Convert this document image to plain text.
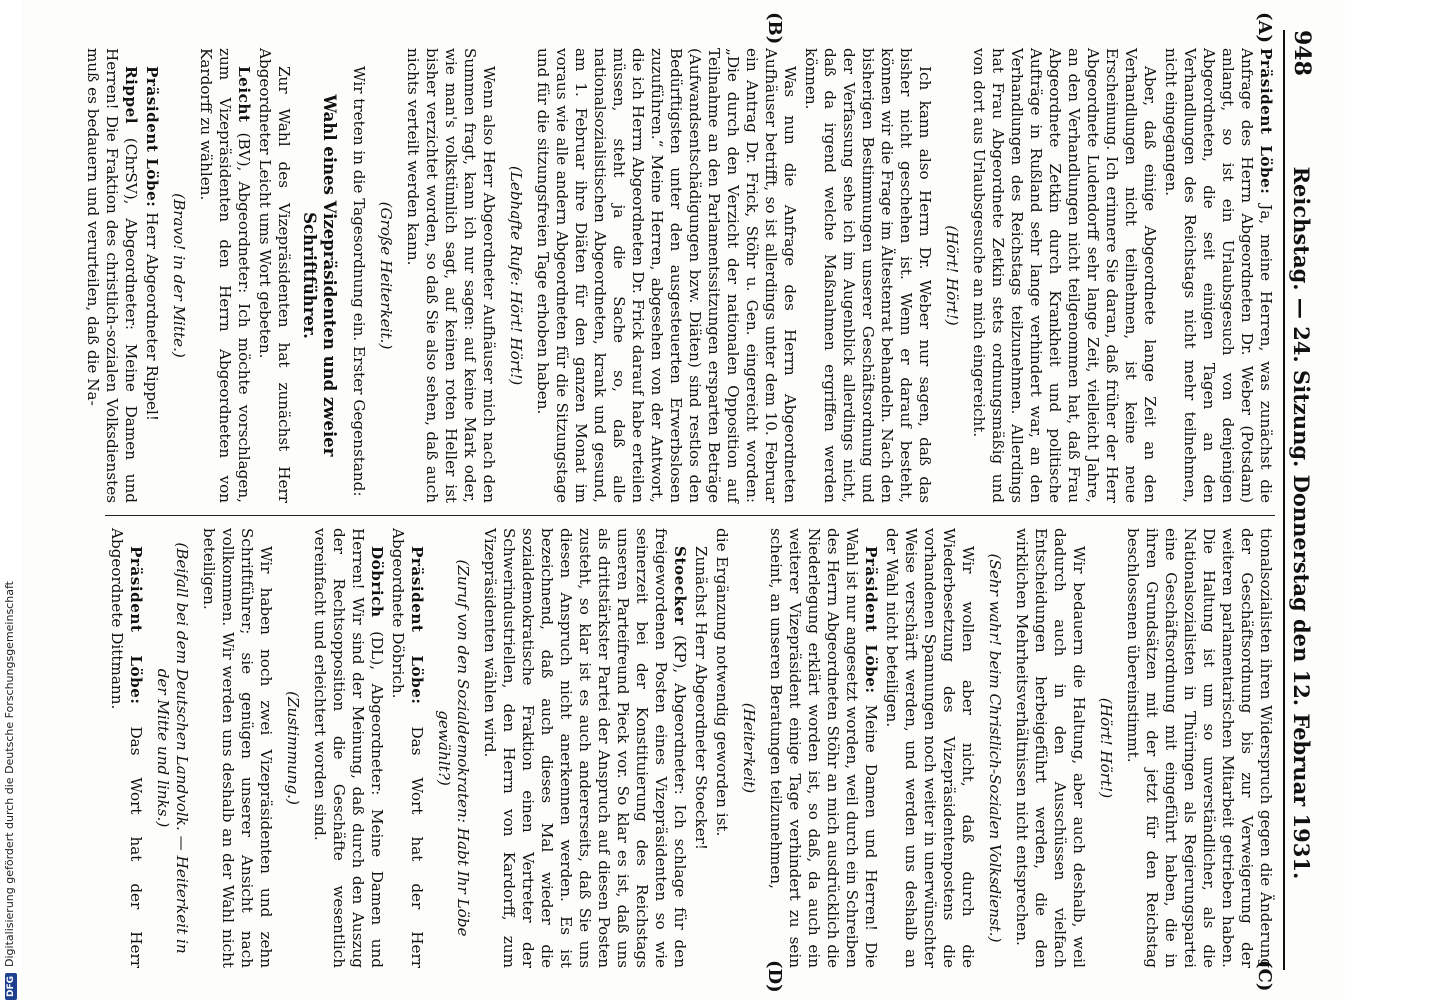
948
Reichstag. — 24. Sitzung. Donnerstag den 12. Februar 1931.
(A)
(B)
(C)
(D)

Präsident Löbe: Ja, meine Herren, was zunächst die Anfrage des Herrn Abgeordneten Dr. Weber (Potsdam) anlangt, so ist ein Urlaubsgesuch von denjenigen Abgeordneten, die seit einigen Tagen an den Verhandlungen des Reichstags nicht mehr teilnehmen, nicht eingegangen.

Aber, daß einige Abgeordnete lange Zeit an den Verhandlungen nicht teilnehmen, ist keine neue Erscheinung. Ich erinnere Sie daran, daß früher der Herr Abgeordnete Ludendorff sehr lange Zeit, vielleicht Jahre, an den Verhandlungen nicht teilgenommen hat, daß Frau Abgeordnete Zetkin durch Krankheit und politische Aufträge in Rußland sehr lange verhindert war, an den Verhandlungen des Reichstags teilzunehmen. Allerdings hat Frau Abgeordnete Zetkin stets ordnungsmäßig und von dort aus Urlaubsgesuche an mich eingereicht.

(Hört! Hört!)

Ich kann also Herrn Dr. Weber nur sagen, daß das bisher nicht geschehen ist. Wenn er darauf besteht, können wir die Frage im Ältestenrat behandeln. Nach den bisherigen Bestimmungen unserer Geschäftsordnung und der Verfassung sehe ich im Augenblick allerdings nicht, daß da irgend welche Maßnahmen ergriffen werden können.

Was nun die Anfrage des Herrn Abgeordneten Aufhäuser betrifft, so ist allerdings unter dem 10. Februar ein Antrag Dr. Frick, Stöhr u. Gen. eingereicht worden: „Die durch den Verzicht der nationalen Opposition auf Teilnahme an den Parlamentssitzungen ersparten Beträge (Aufwandsentschädigungen bzw. Diäten) sind restlos den Bedürftigsten unter den ausgesteuerten Erwerbslosen zuzuführen.“ Meine Herren, abgesehen von der Antwort, die ich Herrn Abgeordneten Dr. Frick darauf habe erteilen müssen, steht ja die Sache so, daß alle nationalsozialistischen Abgeordneten, krank und gesund, am 1. Februar ihre Diäten für den ganzen Monat im voraus wie alle andern Abgeordneten für die Sitzungstage und für die sitzungsfreien Tage erhoben haben.

(Lebhafte Rufe: Hört! Hört!)

Wenn also Herr Abgeordneter Aufhäuser mich nach den Summen fragt, kann ich nur sagen: auf keine Mark oder, wie man's volkstümlich sagt, auf keinen roten Heller ist bisher verzichtet worden, so daß Sie also sehen, daß auch nichts verteilt werden kann.

(Große Heiterkeit.)

Wir treten in die Tagesordnung ein. Erster Gegenstand:

Wahl eines Vizepräsidenten und zweier Schriftführer.

Zur Wahl des Vizepräsidenten hat zunächst Herr Abgeordneter Leicht ums Wort gebeten.

Leicht (BV), Abgeordneter: Ich möchte vorschlagen, zum Vizepräsidenten den Herrn Abgeordneten von Kardorff zu wählen.

(Bravo! in der Mitte.)

Präsident Löbe: Herr Abgeordneter Rippel!

Rippel (ChrSV), Abgeordneter: Meine Damen und Herren! Die Fraktion des christlich-sozialen Volksdienstes muß es bedauern und verurteilen, daß die Na-

tionalsozialisten ihren Widerspruch gegen die Änderung der Geschäftsordnung bis zur Verweigerung der weiteren parlamentarischen Mitarbeit getrieben haben. Die Haltung ist um so unverständlicher, als die Nationalsozialisten in Thüringen als Regierungspartei eine Geschäftsordnung mit eingeführt haben, die in ihren Grundsätzen mit der jetzt für den Reichstag beschlossenen übereinstimmt.

(Hört! Hört!)

Wir bedauern die Haltung, aber auch deshalb, weil dadurch auch in den Ausschüssen vielfach Entscheidungen herbeigeführt werden, die den wirklichen Mehrheitsverhältnissen nicht entsprechen.

(Sehr wahr! beim Christlich-Sozialen Volksdienst.)

Wir wollen aber nicht, daß durch die Wiederbesetzung des Vizepräsidentenpostens die vorhandenen Spannungen noch weiter in unerwünschter Weise verschärft werden, und werden uns deshalb an der Wahl nicht beteiligen.

Präsident Löbe: Meine Damen und Herren! Die Wahl ist nur angesetzt worden, weil durch ein Schreiben des Herrn Abgeordneten Stöhr an mich ausdrücklich die Niederlegung erklärt worden ist, so daß, da auch ein weiterer Vizepräsident einige Tage verhindert zu sein scheint, an unseren Beratungen teilzunehmen,

(Heiterkeit)

die Ergänzung notwendig geworden ist.

Zunächst Herr Abgeordneter Stoecker!

Stoecker (KP), Abgeordneter: Ich schlage für den freigewordenen Posten eines Vizepräsidenten so wie seinerzeit bei der Konstituierung des Reichstags unseren Parteifreund Pieck vor. So klar es ist, daß uns als drittstärkster Partei der Anspruch auf diesen Posten zusteht, so klar ist es auch andererseits, daß Sie uns diesen Anspruch nicht anerkennen werden. Es ist bezeichnend, daß auch dieses Mal wieder die sozialdemokratische Fraktion einen Vertreter der Schwerindustriellen, den Herrn von Kardorff, zum Vizepräsidenten wählen wird.

(Zuruf von den Sozialdemokraten: Habt Ihr Löbe gewählt?)

Präsident Löbe: Das Wort hat der Herr Abgeordnete Döbrich.

Döbrich (DL), Abgeordneter: Meine Damen und Herren! Wir sind der Meinung, daß durch den Auszug der Rechtsopposition die Geschäfte wesentlich vereinfacht und erleichtert worden sind.

(Zustimmung.)

Wir haben noch zwei Vizepräsidenten und zehn Schriftführer; sie genügen unserer Ansicht nach vollkommen. Wir werden uns deshalb an der Wahl nicht beteiligen.

(Beifall bei dem Deutschen Landvolk. — Heiterkeit in der Mitte und links.)

Präsident Löbe: Das Wort hat der Herr Abgeordnete Dittmann.

DFGDigitalisierung gefördert durch die Deutsche Forschungsgemeinschaft
